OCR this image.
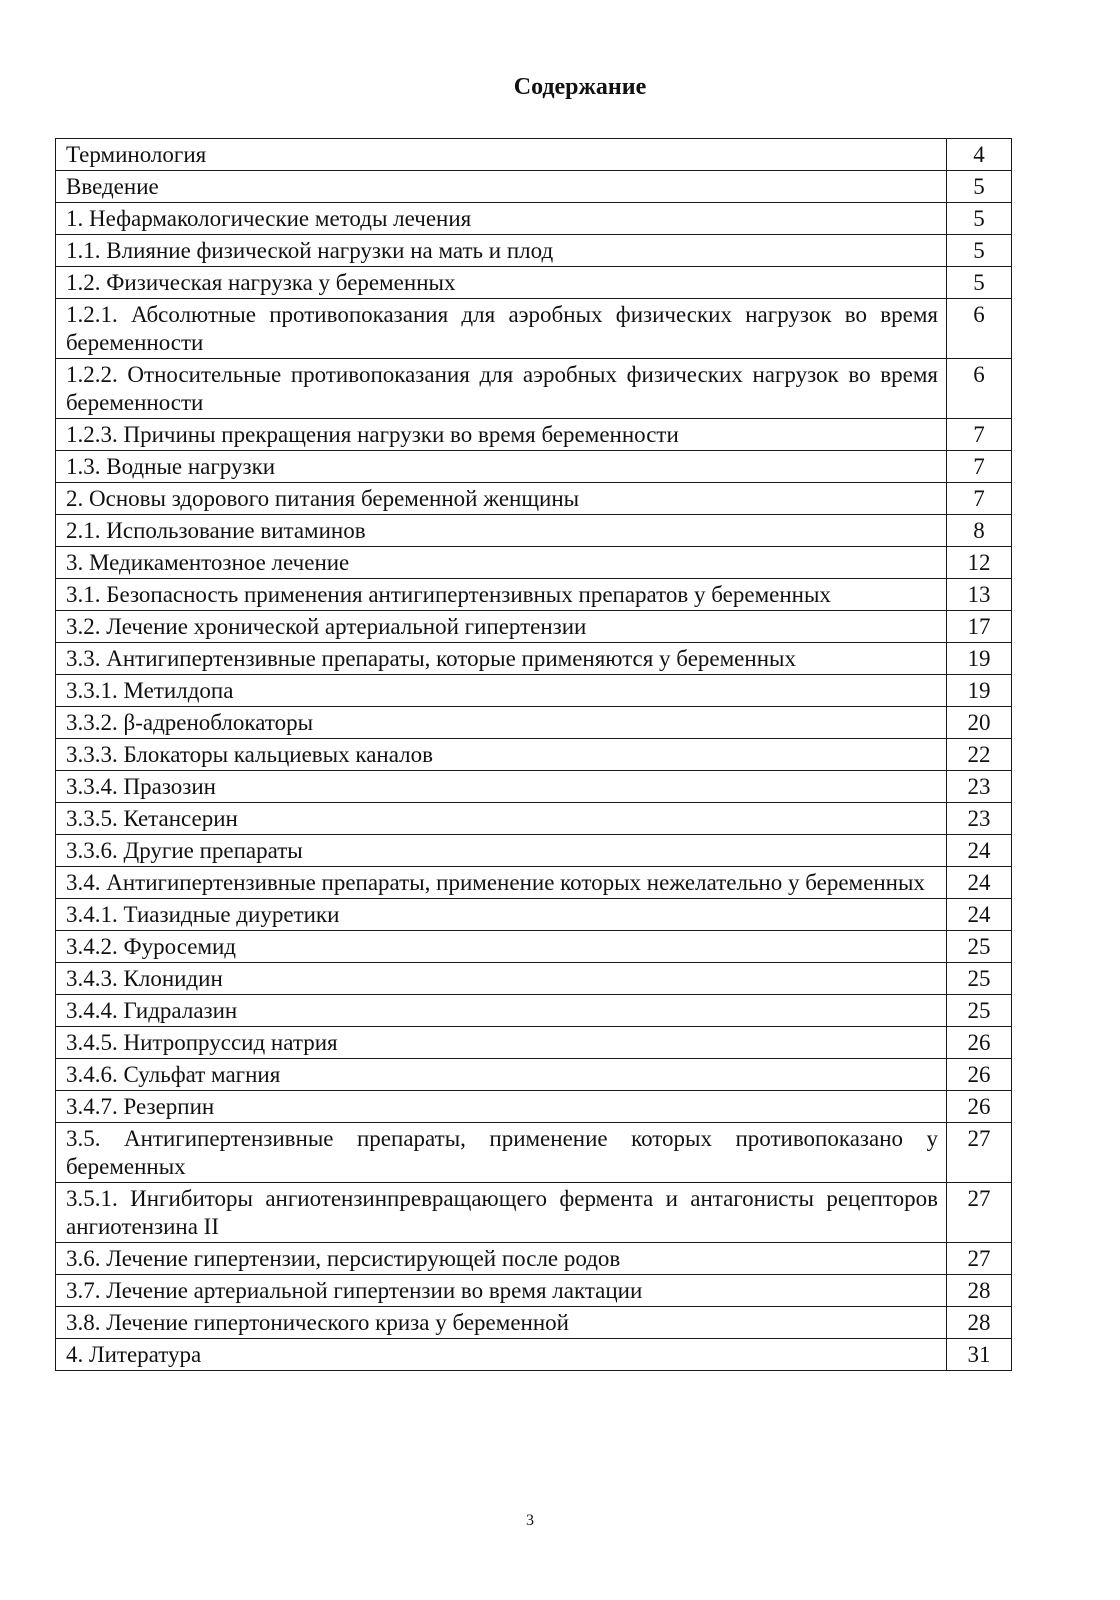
Содержание
Терминология	4
Введение	5
1. Нефармакологические методы лечения	5
1.1. Влияние физической нагрузки на мать и плод	5
1.2. Физическая нагрузка у беременных	5
1.2.1. Абсолютные противопоказания для аэробных физических нагрузок во время беременности	6
1.2.2. Относительные противопоказания для аэробных физических нагрузок во время беременности	6
1.2.3. Причины прекращения нагрузки во время беременности	7
1.3. Водные нагрузки	7
2. Основы здорового питания беременной женщины	7
2.1. Использование витаминов	8
3. Медикаментозное лечение	12
3.1. Безопасность применения антигипертензивных препаратов у беременных	13
3.2. Лечение хронической артериальной гипертензии	17
3.3. Антигипертензивные препараты, которые применяются у беременных	19
3.3.1. Метилдопа	19
3.3.2. β-адреноблокаторы	20
3.3.3. Блокаторы кальциевых каналов	22
3.3.4. Празозин	23
3.3.5. Кетансерин	23
3.3.6. Другие препараты	24
3.4. Антигипертензивные препараты, применение которых нежелательно у беременных	24
3.4.1. Тиазидные диуретики	24
3.4.2. Фуросемид	25
3.4.3. Клонидин	25
3.4.4. Гидралазин	25
3.4.5. Нитропруссид натрия	26
3.4.6. Сульфат магния	26
3.4.7. Резерпин	26
3.5. Антигипертензивные препараты, применение которых противопоказано у беременных	27
3.5.1. Ингибиторы ангиотензинпревращающего фермента и антагонисты рецепторов ангиотензина II	27
3.6. Лечение гипертензии, персистирующей после родов	27
3.7. Лечение артериальной гипертензии во время лактации	28
3.8. Лечение гипертонического криза у беременной	28
4. Литература	31
3
